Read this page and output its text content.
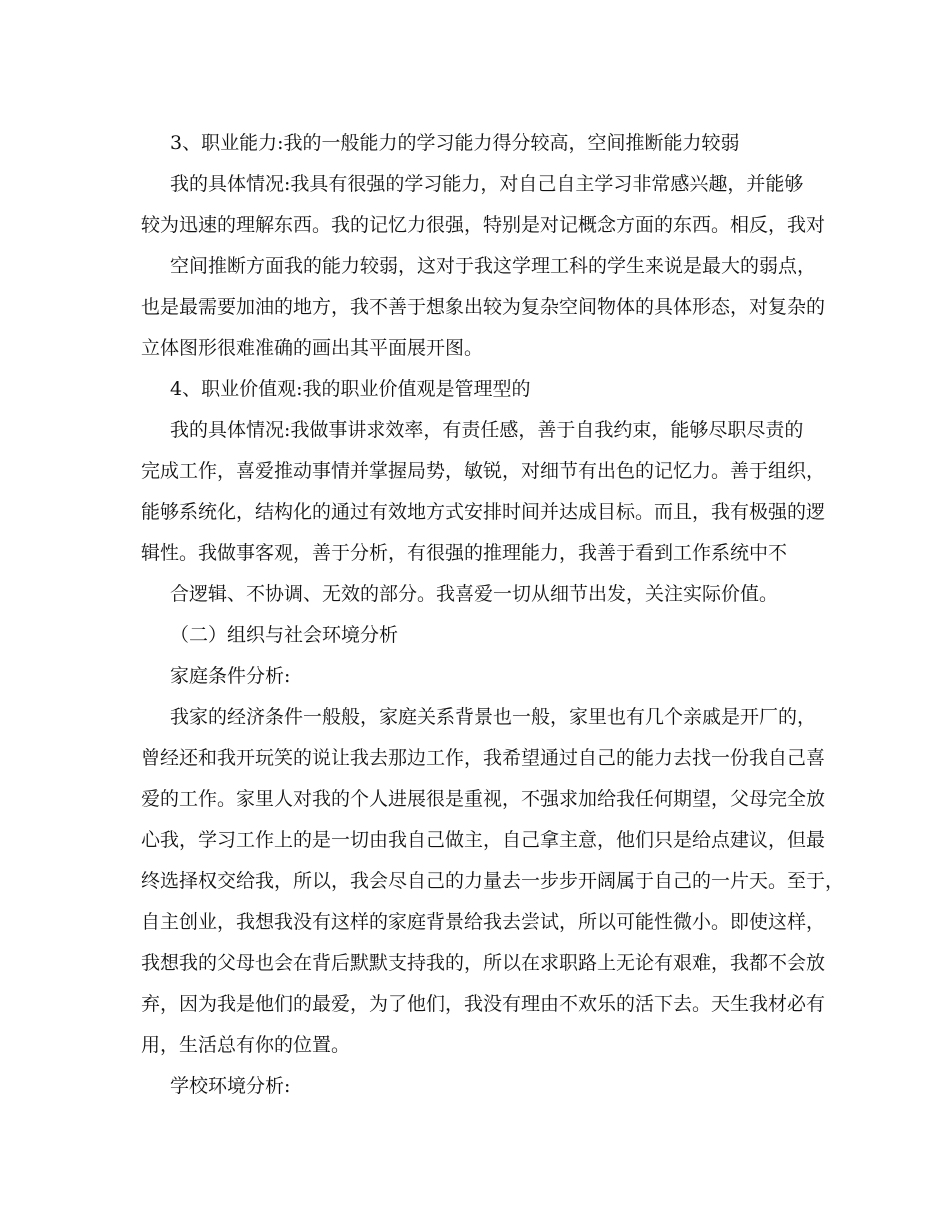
3、职业能力:我的一般能力的学习能力得分较高，空间推断能力较弱
我的具体情况:我具有很强的学习能力，对自己自主学习非常感兴趣，并能够
较为迅速的理解东西。我的记忆力很强，特别是对记概念方面的东西。相反，我对
空间推断方面我的能力较弱，这对于我这学理工科的学生来说是最大的弱点，
也是最需要加油的地方，我不善于想象出较为复杂空间物体的具体形态，对复杂的
立体图形很难准确的画出其平面展开图。
4、职业价值观:我的职业价值观是管理型的
我的具体情况:我做事讲求效率，有责任感，善于自我约束，能够尽职尽责的
完成工作，喜爱推动事情并掌握局势，敏锐，对细节有出色的记忆力。善于组织，
能够系统化，结构化的通过有效地方式安排时间并达成目标。而且，我有极强的逻
辑性。我做事客观，善于分析，有很强的推理能力，我善于看到工作系统中不
合逻辑、不协调、无效的部分。我喜爱一切从细节出发，关注实际价值。
（二）组织与社会环境分析
家庭条件分析:
我家的经济条件一般般，家庭关系背景也一般，家里也有几个亲戚是开厂的，
曾经还和我开玩笑的说让我去那边工作，我希望通过自己的能力去找一份我自己喜
爱的工作。家里人对我的个人进展很是重视，不强求加给我任何期望，父母完全放
心我，学习工作上的是一切由我自己做主，自己拿主意，他们只是给点建议，但最
终选择权交给我，所以，我会尽自己的力量去一步步开阔属于自己的一片天。至于，
自主创业，我想我没有这样的家庭背景给我去尝试，所以可能性微小。即使这样，
我想我的父母也会在背后默默支持我的，所以在求职路上无论有艰难，我都不会放
弃，因为我是他们的最爱，为了他们，我没有理由不欢乐的活下去。天生我材必有
用，生活总有你的位置。
学校环境分析:
